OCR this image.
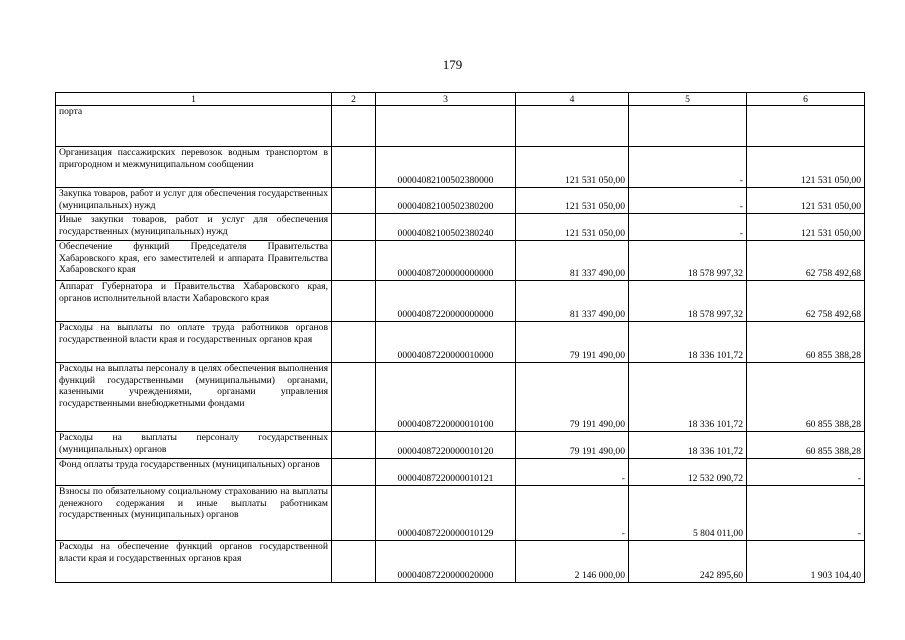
179
1	2	3	4	5	6
порта					
Организация пассажирских перевозок водным транспортом в пригородном и межмуниципальном сообщении		00004082100502380000	121 531 050,00	-	121 531 050,00
Закупка товаров, работ и услуг для обеспечения государственных (муниципальных) нужд		00004082100502380200	121 531 050,00	-	121 531 050,00
Иные закупки товаров, работ и услуг для обеспечения государственных (муниципальных) нужд		00004082100502380240	121 531 050,00	-	121 531 050,00
Обеспечение функций Председателя Правительства Хабаровского края, его заместителей и аппарата Правительства Хабаровского края		00004087200000000000	81 337 490,00	18 578 997,32	62 758 492,68
Аппарат Губернатора и Правительства Хабаровского края, органов исполнительной власти Хабаровского края		00004087220000000000	81 337 490,00	18 578 997,32	62 758 492,68
Расходы на выплаты по оплате труда работников органов государственной власти края и государственных органов края		00004087220000010000	79 191 490,00	18 336 101,72	60 855 388,28
Расходы на выплаты персоналу в целях обеспечения выполнения функций государственными (муниципальными) органами, казенными учреждениями, органами управления государственными внебюджетными фондами		00004087220000010100	79 191 490,00	18 336 101,72	60 855 388,28
Расходы на выплаты персоналу государственных (муниципальных) органов		00004087220000010120	79 191 490,00	18 336 101,72	60 855 388,28
Фонд оплаты труда государственных (муниципальных) органов		00004087220000010121	-	12 532 090,72	-
Взносы по обязательному социальному страхованию на выплаты денежного содержания и иные выплаты работникам государственных (муниципальных) органов		00004087220000010129	-	5 804 011,00	-
Расходы на обеспечение функций органов государственной власти края и государственных органов края		00004087220000020000	2 146 000,00	242 895,60	1 903 104,40
